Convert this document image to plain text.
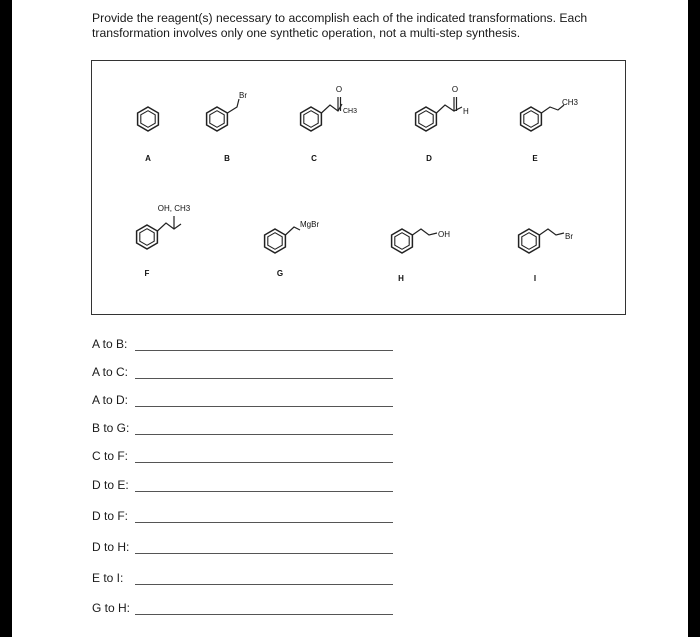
Provide the reagent(s) necessary to accomplish each of the indicated transformations. Each transformation involves only one synthetic operation, not a multi-step synthesis.

A
Br
B
O
CH3
C
O
H
D
CH3
E
OH, CH3
F
MgBr
G
OH
H
Br
I
A to B:
A to C:
A to D:
B to G:
C to F:
D to E:
D to F:
D to H:
E to I:
G to H:
